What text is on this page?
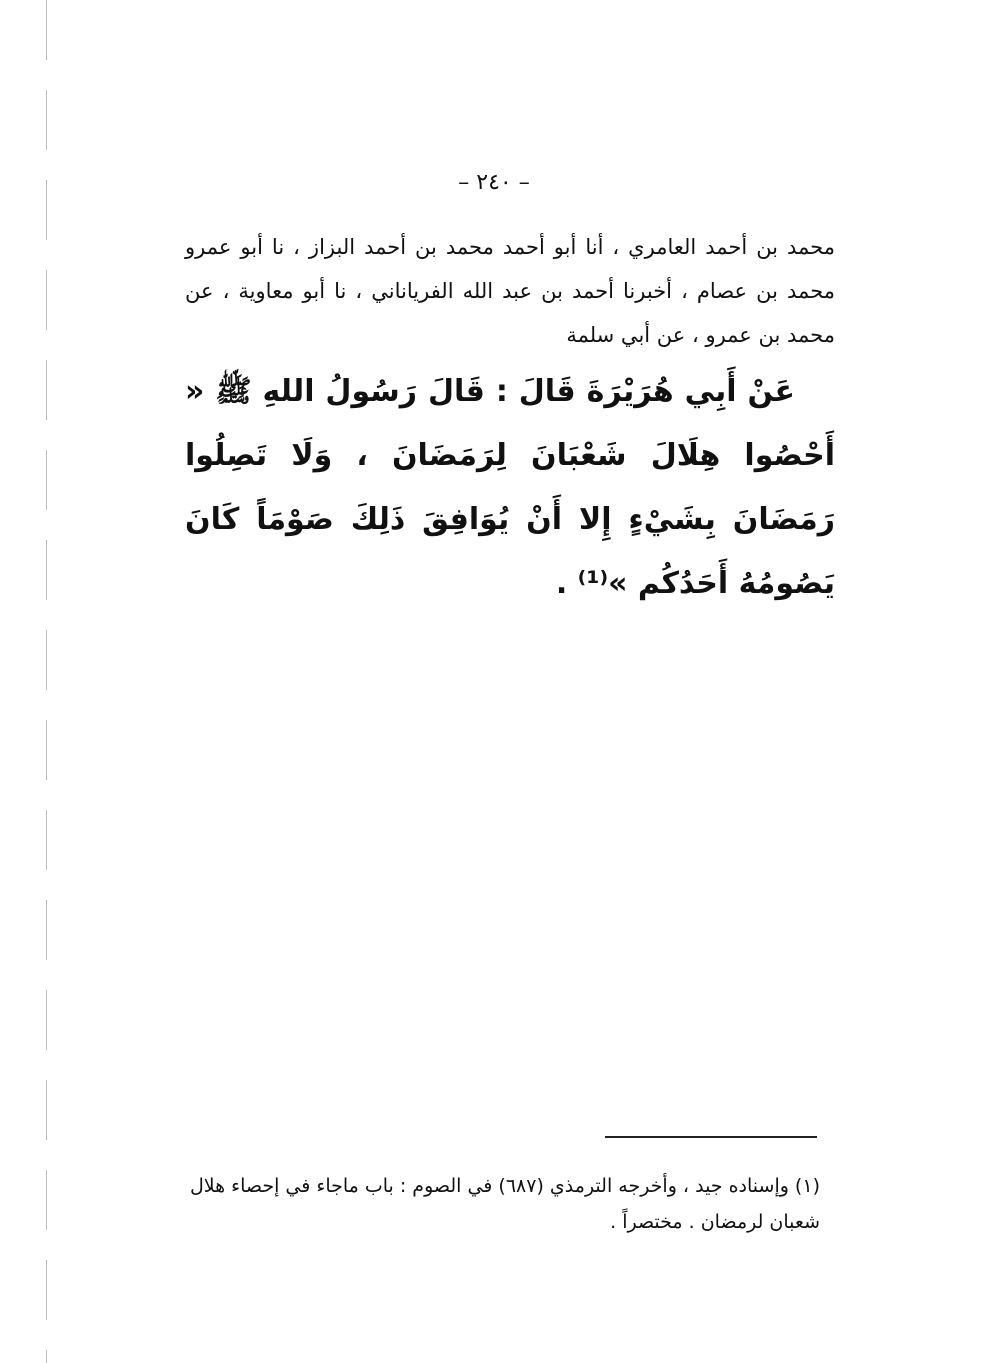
– ٢٤٠ –

محمد بن أحمد العامري ، أنا أبو أحمد محمد بن أحمد البزاز ، نا أبو عمرو محمد بن عصام ، أخبرنا أحمد بن عبد الله الفرياناني ، نا أبو معاوية ، عن محمد بن عمرو ، عن أبي سلمة

عَنْ أَبِي هُرَيْرَةَ قَالَ : قَالَ رَسُولُ اللهِ ﷺ « أَحْصُوا هِلَالَ شَعْبَانَ لِرَمَضَانَ ، وَلَا تَصِلُوا رَمَضَانَ بِشَيْءٍ إِلا أَنْ يُوَافِقَ ذَلِكَ صَوْمَاً كَانَ يَصُومُهُ أَحَدُكُم »⁽¹⁾ .

(١) وإسناده جيد ، وأخرجه الترمذي (٦٨٧) في الصوم : باب ماجاء في إحصاء هلال شعبان لرمضان . مختصراً .
